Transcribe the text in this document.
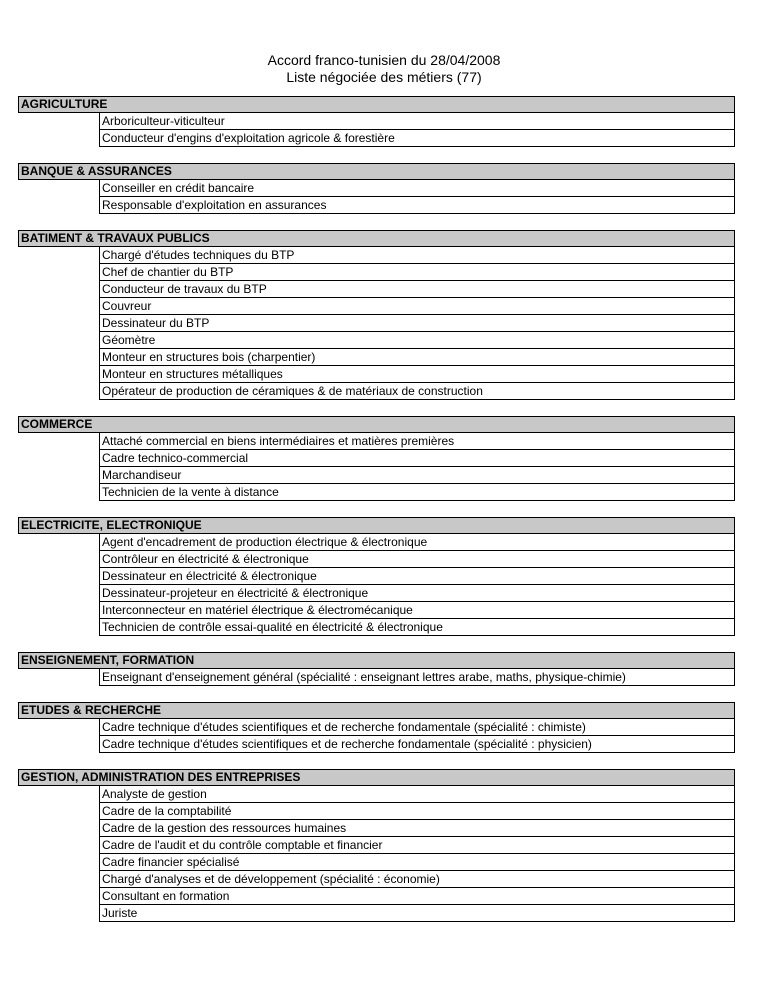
Accord franco-tunisien du 28/04/2008
Liste négociée des métiers (77)
AGRICULTURE
Arboriculteur-viticulteur
Conducteur d'engins d'exploitation agricole & forestière
BANQUE & ASSURANCES
Conseiller en crédit bancaire
Responsable d'exploitation en assurances
BATIMENT & TRAVAUX PUBLICS
Chargé d'études techniques du BTP
Chef de chantier du BTP
Conducteur de travaux du BTP
Couvreur
Dessinateur du BTP
Géomètre
Monteur en structures bois (charpentier)
Monteur en structures métalliques
Opérateur de production de céramiques & de matériaux de construction
COMMERCE
Attaché commercial en biens intermédiaires et matières premières
Cadre technico-commercial
Marchandiseur
Technicien de la vente à distance
ELECTRICITE, ELECTRONIQUE
Agent d'encadrement de production électrique & électronique
Contrôleur en électricité & électronique
Dessinateur en électricité & électronique
Dessinateur-projeteur en électricité & électronique
Interconnecteur en matériel électrique & électromécanique
Technicien de contrôle essai-qualité en électricité & électronique
ENSEIGNEMENT, FORMATION
Enseignant d'enseignement général (spécialité : enseignant lettres arabe, maths, physique-chimie)
ETUDES & RECHERCHE
Cadre technique d'études scientifiques et de recherche fondamentale (spécialité : chimiste)
Cadre technique d'études scientifiques et de recherche fondamentale (spécialité : physicien)
GESTION, ADMINISTRATION DES ENTREPRISES
Analyste de gestion
Cadre de la comptabilité
Cadre de la gestion des ressources humaines
Cadre de l'audit et du contrôle comptable et financier
Cadre financier spécialisé
Chargé d'analyses et de développement (spécialité : économie)
Consultant en formation
Juriste
